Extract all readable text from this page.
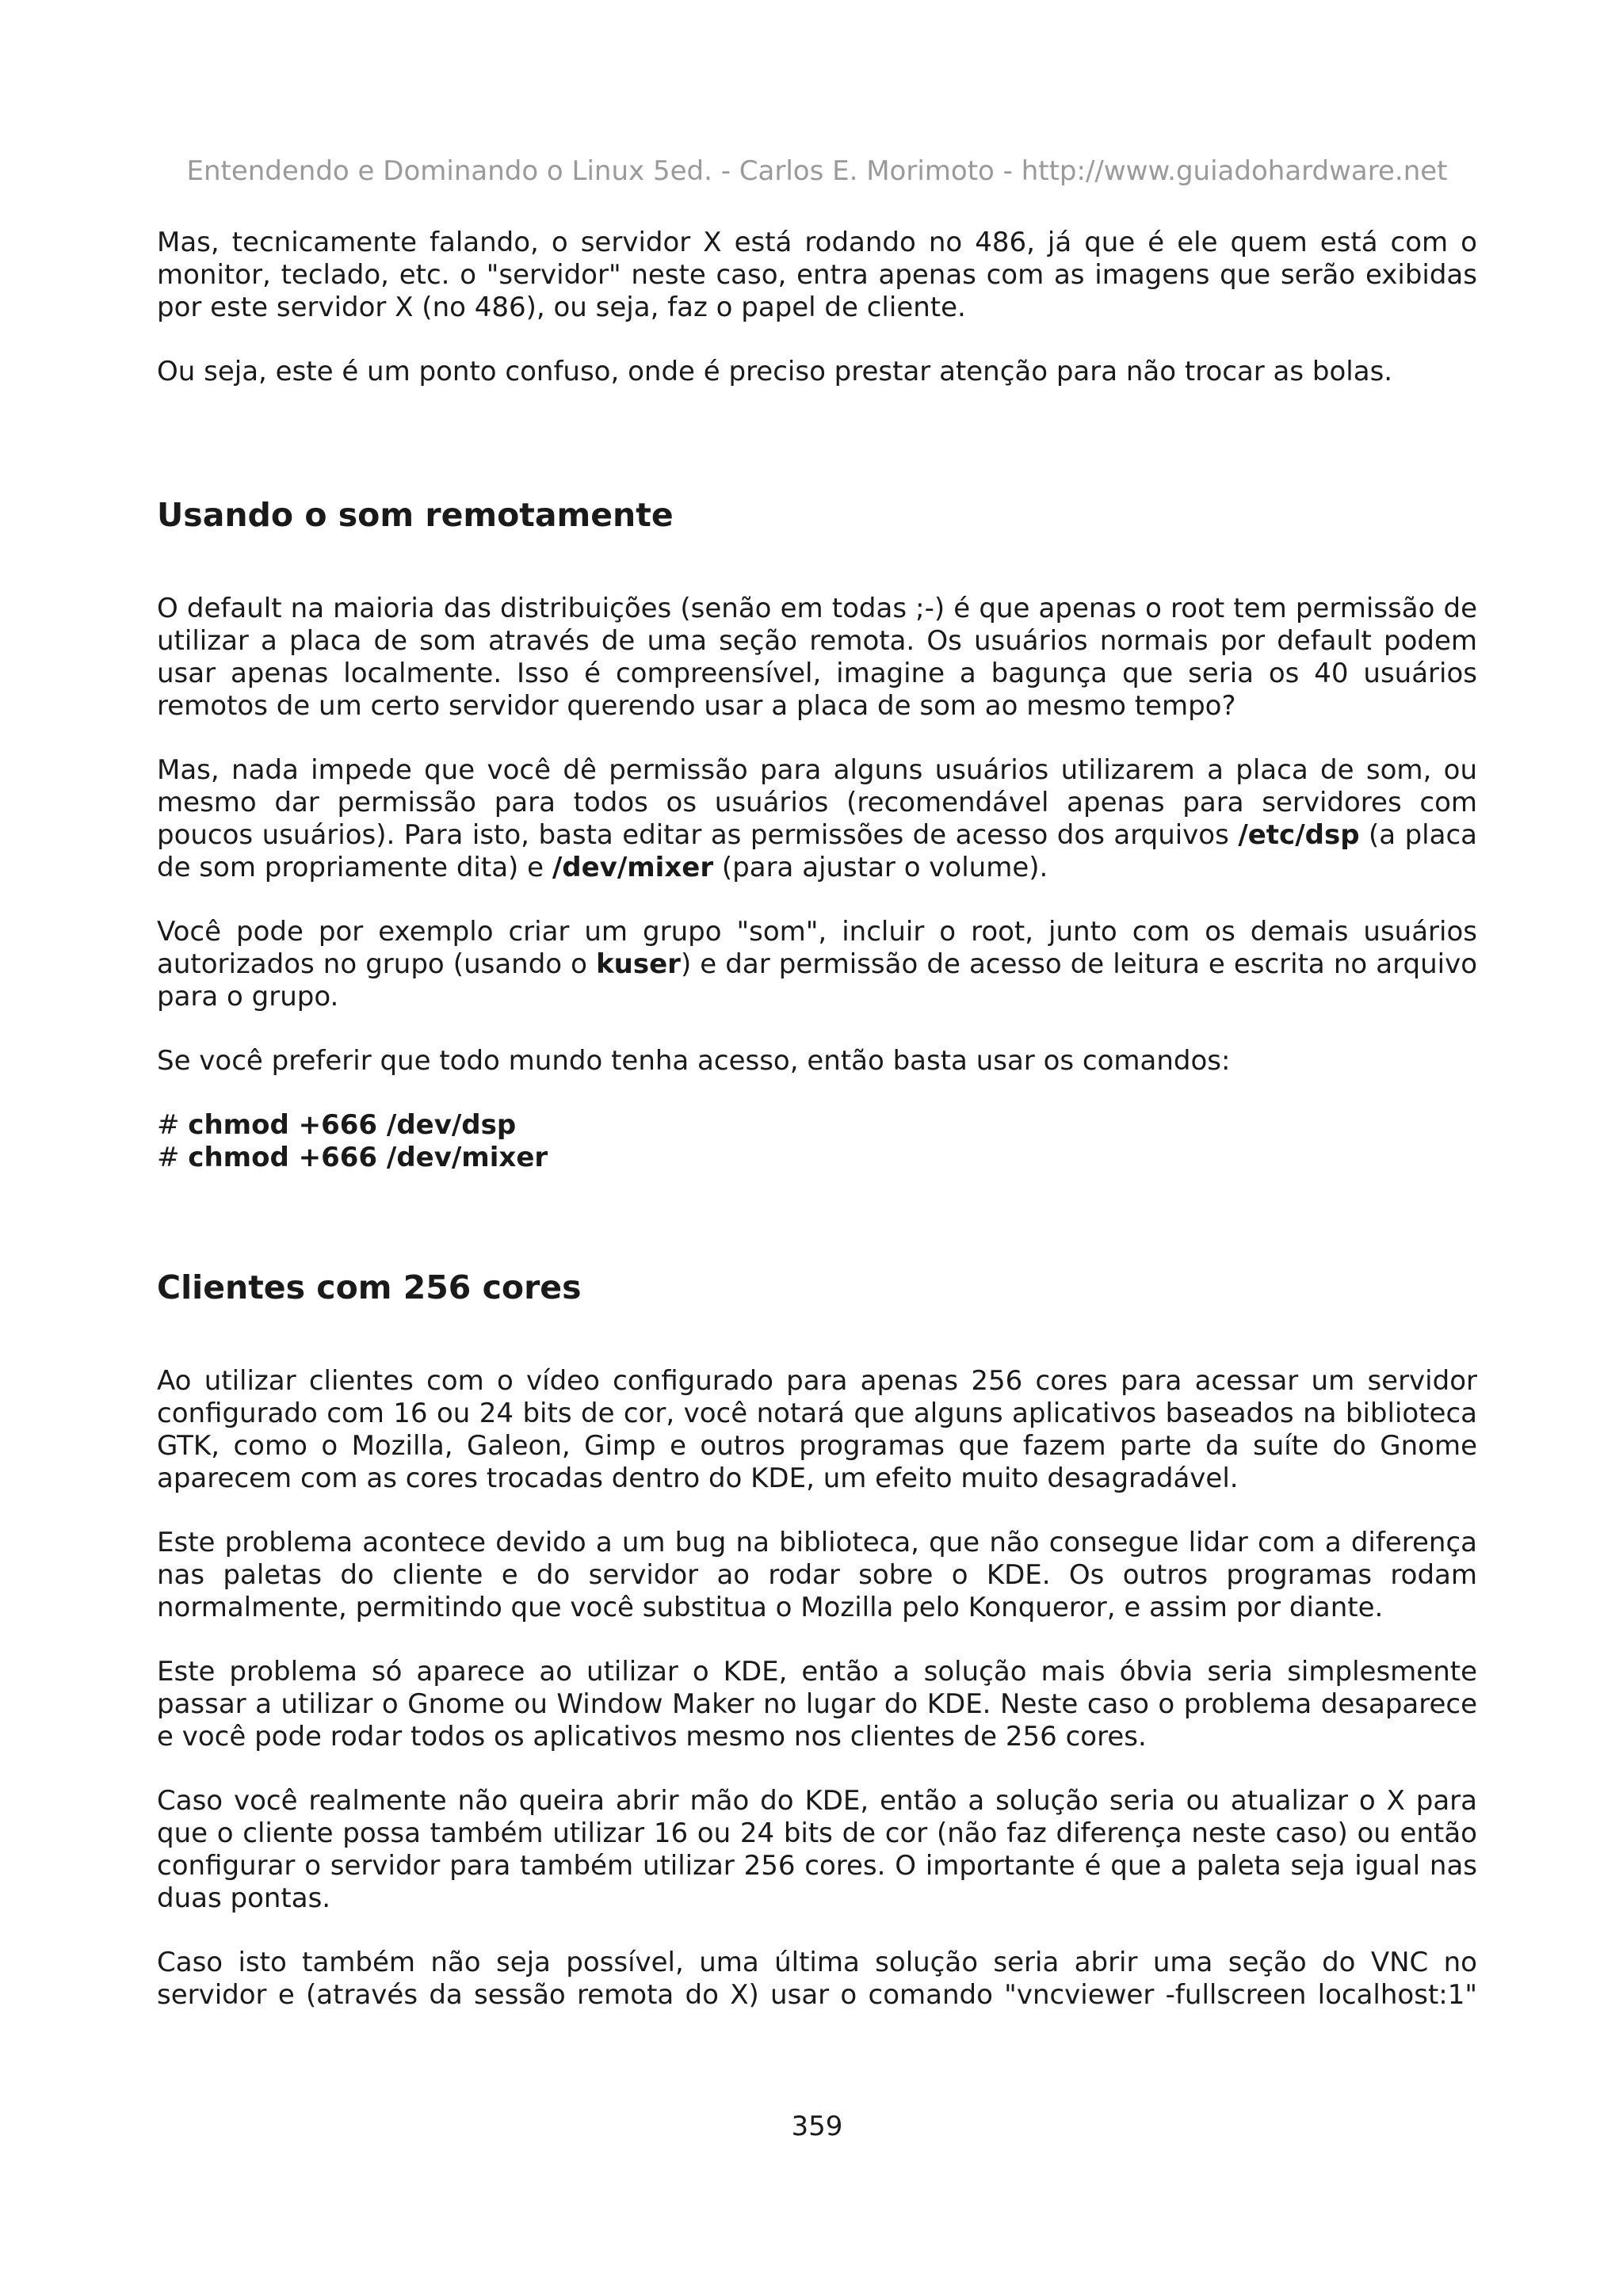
Entendendo e Dominando o Linux 5ed. - Carlos E. Morimoto - http://www.guiadohardware.net

Mas, tecnicamente falando, o servidor X está rodando no 486, já que é ele quem está com o monitor, teclado, etc. o "servidor" neste caso, entra apenas com as imagens que serão exibidas por este servidor X (no 486), ou seja, faz o papel de cliente.

Ou seja, este é um ponto confuso, onde é preciso prestar atenção para não trocar as bolas.

Usando o som remotamente

O default na maioria das distribuições (senão em todas ;-) é que apenas o root tem permissão de utilizar a placa de som através de uma seção remota. Os usuários normais por default podem usar apenas localmente. Isso é compreensível, imagine a bagunça que seria os 40 usuários remotos de um certo servidor querendo usar a placa de som ao mesmo tempo?

Mas, nada impede que você dê permissão para alguns usuários utilizarem a placa de som, ou mesmo dar permissão para todos os usuários (recomendável apenas para servidores com poucos usuários). Para isto, basta editar as permissões de acesso dos arquivos /etc/dsp (a placa de som propriamente dita) e /dev/mixer (para ajustar o volume).

Você pode por exemplo criar um grupo "som", incluir o root, junto com os demais usuários autorizados no grupo (usando o kuser) e dar permissão de acesso de leitura e escrita no arquivo para o grupo.

Se você preferir que todo mundo tenha acesso, então basta usar os comandos:

# chmod +666 /dev/dsp
# chmod +666 /dev/mixer
Clientes com 256 cores

Ao utilizar clientes com o vídeo configurado para apenas 256 cores para acessar um servidor configurado com 16 ou 24 bits de cor, você notará que alguns aplicativos baseados na biblioteca GTK, como o Mozilla, Galeon, Gimp e outros programas que fazem parte da suíte do Gnome aparecem com as cores trocadas dentro do KDE, um efeito muito desagradável.

Este problema acontece devido a um bug na biblioteca, que não consegue lidar com a diferença nas paletas do cliente e do servidor ao rodar sobre o KDE. Os outros programas rodam normalmente, permitindo que você substitua o Mozilla pelo Konqueror, e assim por diante.

Este problema só aparece ao utilizar o KDE, então a solução mais óbvia seria simplesmente passar a utilizar o Gnome ou Window Maker no lugar do KDE. Neste caso o problema desaparece e você pode rodar todos os aplicativos mesmo nos clientes de 256 cores.

Caso você realmente não queira abrir mão do KDE, então a solução seria ou atualizar o X para que o cliente possa também utilizar 16 ou 24 bits de cor (não faz diferença neste caso) ou então configurar o servidor para também utilizar 256 cores. O importante é que a paleta seja igual nas duas pontas.

Caso isto também não seja possível, uma última solução seria abrir uma seção do VNC no servidor e (através da sessão remota do X) usar o comando "vncviewer -fullscreen localhost:1"

359
